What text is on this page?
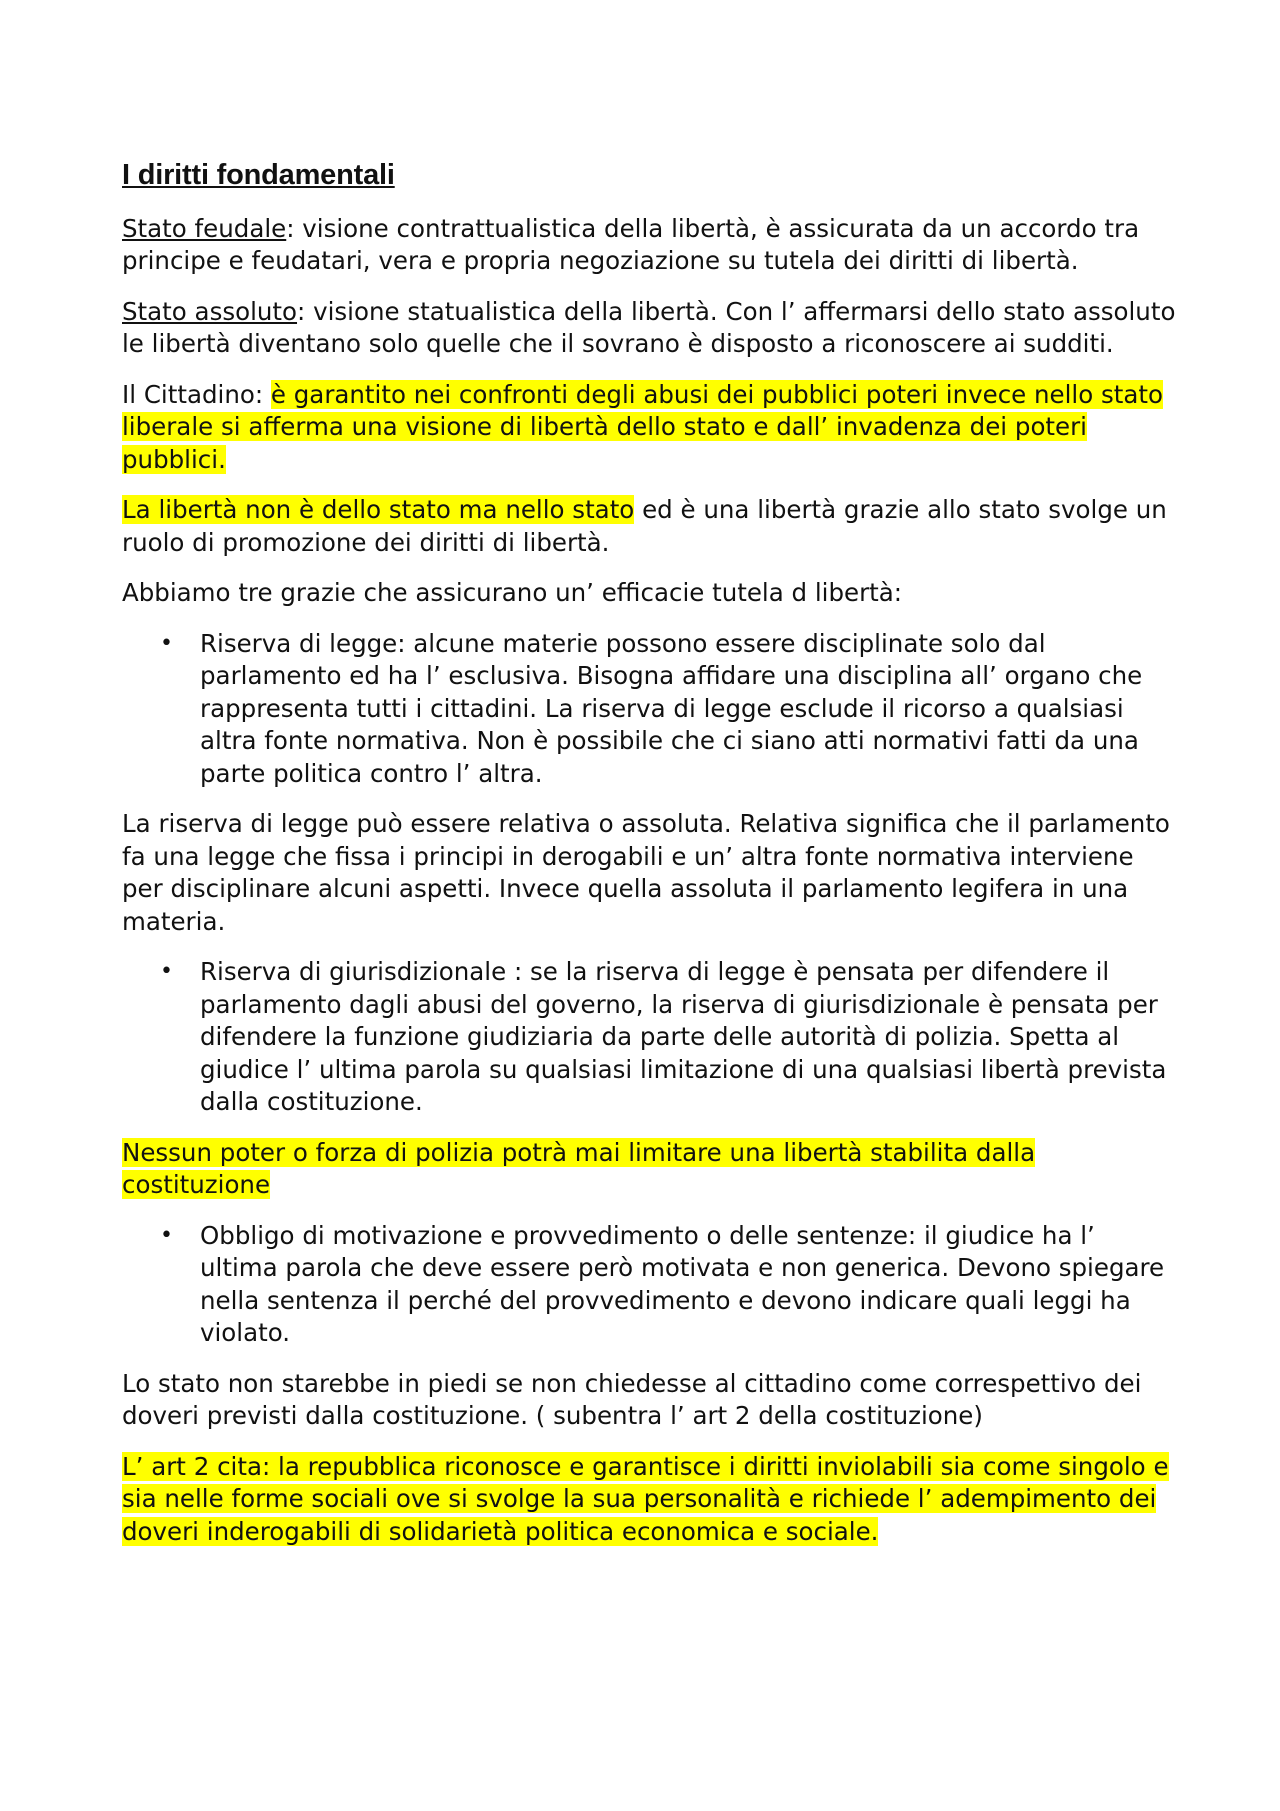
I diritti fondamentali

Stato feudale: visione contrattualistica della libertà, è assicurata da un accordo tra principe e feudatari, vera e propria negoziazione su tutela dei diritti di libertà.

Stato assoluto: visione statualistica della libertà. Con l’ affermarsi dello stato assoluto le libertà diventano solo quelle che il sovrano è disposto a riconoscere ai sudditi.

Il Cittadino: è garantito nei confronti degli abusi dei pubblici poteri invece nello stato liberale si afferma una visione di libertà dello stato e dall’ invadenza dei poteri pubblici.

La libertà non è dello stato ma nello stato ed è una libertà grazie allo stato svolge un ruolo di promozione dei diritti di libertà.

Abbiamo tre grazie che assicurano un’ efficacie tutela d libertà:

• Riserva di legge: alcune materie possono essere disciplinate solo dal parlamento ed ha l’ esclusiva. Bisogna affidare una disciplina all’ organo che rappresenta tutti i cittadini. La riserva di legge esclude il ricorso a qualsiasi altra fonte normativa. Non è possibile che ci siano atti normativi fatti da una parte politica contro l’ altra.

La riserva di legge può essere relativa o assoluta. Relativa significa che il parlamento fa una legge che fissa i principi in derogabili e un’ altra fonte normativa interviene per disciplinare alcuni aspetti. Invece quella assoluta il parlamento legifera in una materia.

• Riserva di giurisdizionale : se la riserva di legge è pensata per difendere il parlamento dagli abusi del governo, la riserva di giurisdizionale è pensata per difendere la funzione giudiziaria da parte delle autorità di polizia. Spetta al giudice l’ ultima parola su qualsiasi limitazione di una qualsiasi libertà prevista dalla costituzione.

Nessun poter o forza di polizia potrà mai limitare una libertà stabilita dalla costituzione

• Obbligo di motivazione e provvedimento o delle sentenze: il giudice ha l’ ultima parola che deve essere però motivata e non generica. Devono spiegare nella sentenza il perché del provvedimento e devono indicare quali leggi ha violato.

Lo stato non starebbe in piedi se non chiedesse al cittadino come correspettivo dei doveri previsti dalla costituzione. ( subentra l’ art 2 della costituzione)

L’ art 2 cita: la repubblica riconosce e garantisce i diritti inviolabili sia come singolo e sia nelle forme sociali ove si svolge la sua personalità e richiede l’ adempimento dei doveri inderogabili di solidarietà politica economica e sociale.
